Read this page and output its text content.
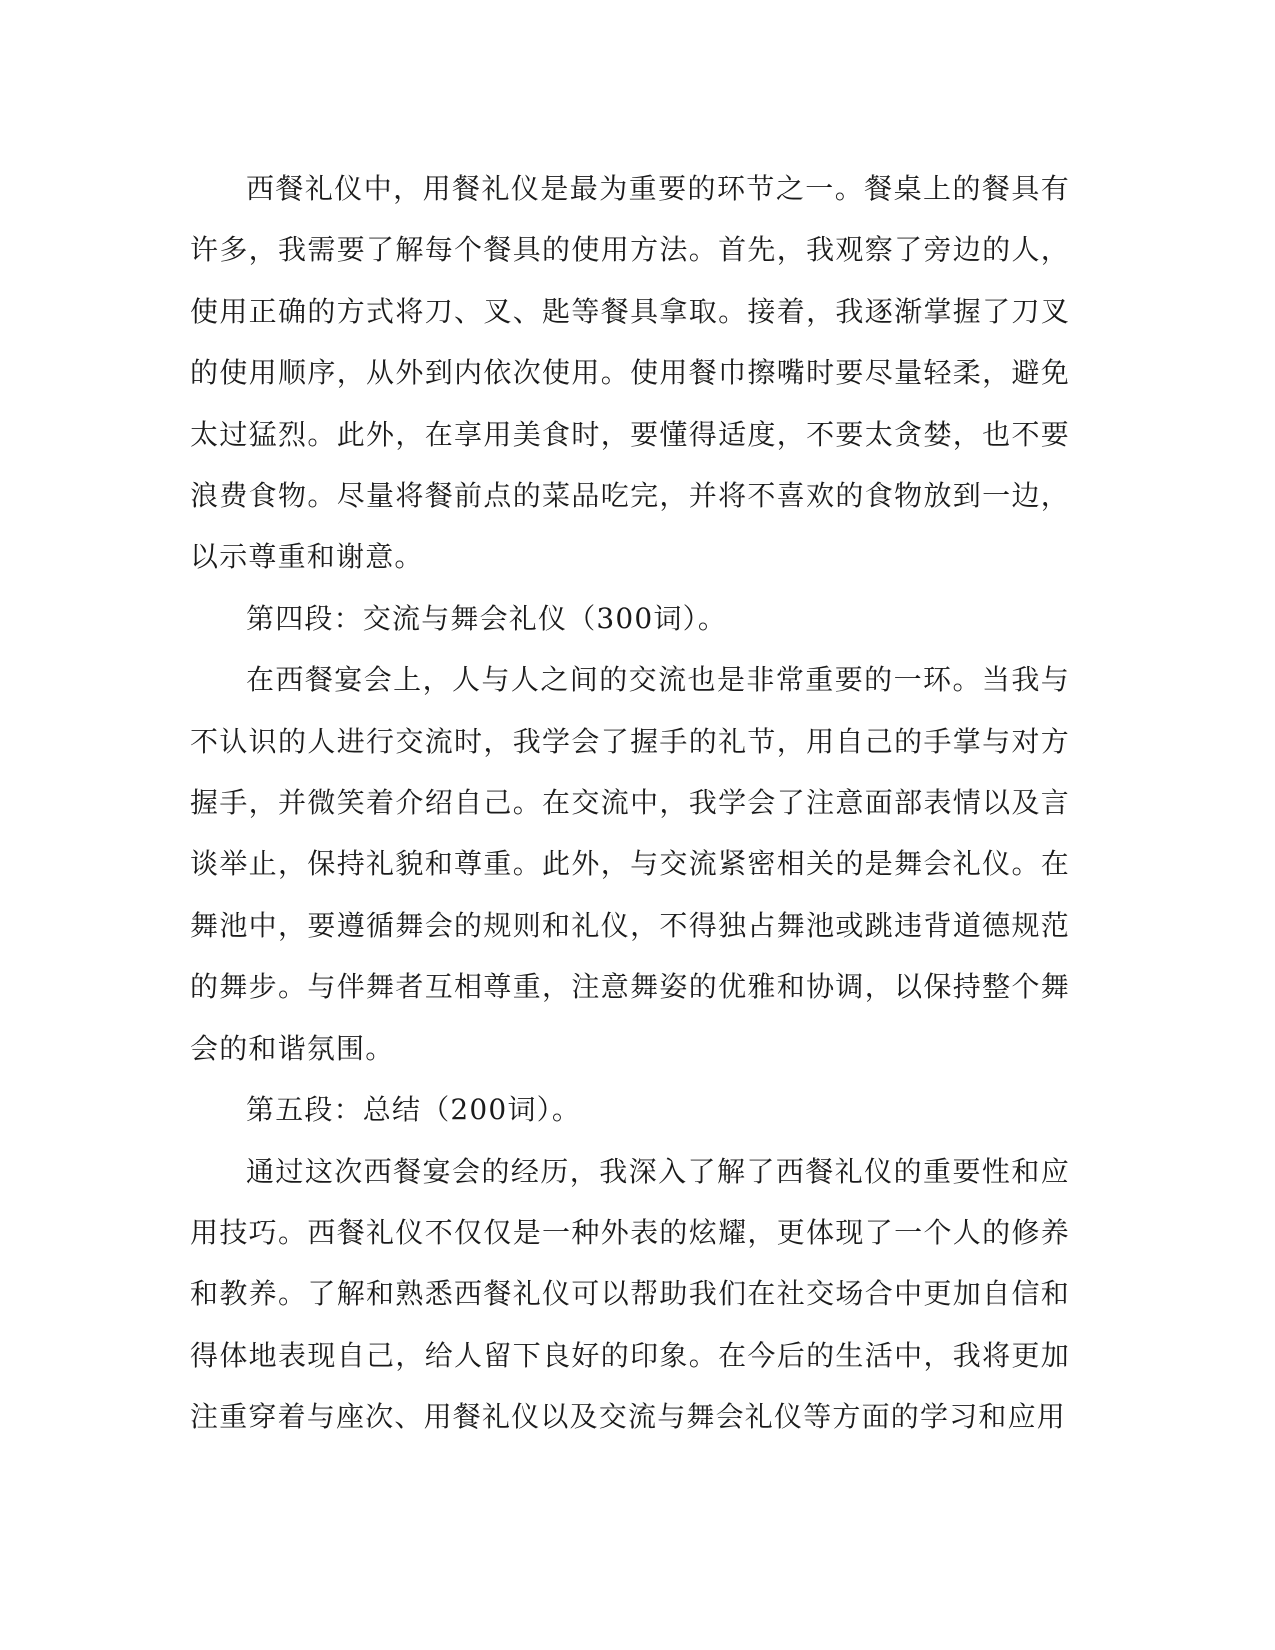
西餐礼仪中，用餐礼仪是最为重要的环节之一。餐桌上的餐具有许多，我需要了解每个餐具的使用方法。首先，我观察了旁边的人，使用正确的方式将刀、叉、匙等餐具拿取。接着，我逐渐掌握了刀叉的使用顺序，从外到内依次使用。使用餐巾擦嘴时要尽量轻柔，避免太过猛烈。此外，在享用美食时，要懂得适度，不要太贪婪，也不要浪费食物。尽量将餐前点的菜品吃完，并将不喜欢的食物放到一边，以示尊重和谢意。

第四段：交流与舞会礼仪（300词）。

在西餐宴会上，人与人之间的交流也是非常重要的一环。当我与不认识的人进行交流时，我学会了握手的礼节，用自己的手掌与对方握手，并微笑着介绍自己。在交流中，我学会了注意面部表情以及言谈举止，保持礼貌和尊重。此外，与交流紧密相关的是舞会礼仪。在舞池中，要遵循舞会的规则和礼仪，不得独占舞池或跳违背道德规范的舞步。与伴舞者互相尊重，注意舞姿的优雅和协调，以保持整个舞会的和谐氛围。

第五段：总结（200词）。

通过这次西餐宴会的经历，我深入了解了西餐礼仪的重要性和应用技巧。西餐礼仪不仅仅是一种外表的炫耀，更体现了一个人的修养和教养。了解和熟悉西餐礼仪可以帮助我们在社交场合中更加自信和得体地表现自己，给人留下良好的印象。在今后的生活中，我将更加注重穿着与座次、用餐礼仪以及交流与舞会礼仪等方面的学习和应用
